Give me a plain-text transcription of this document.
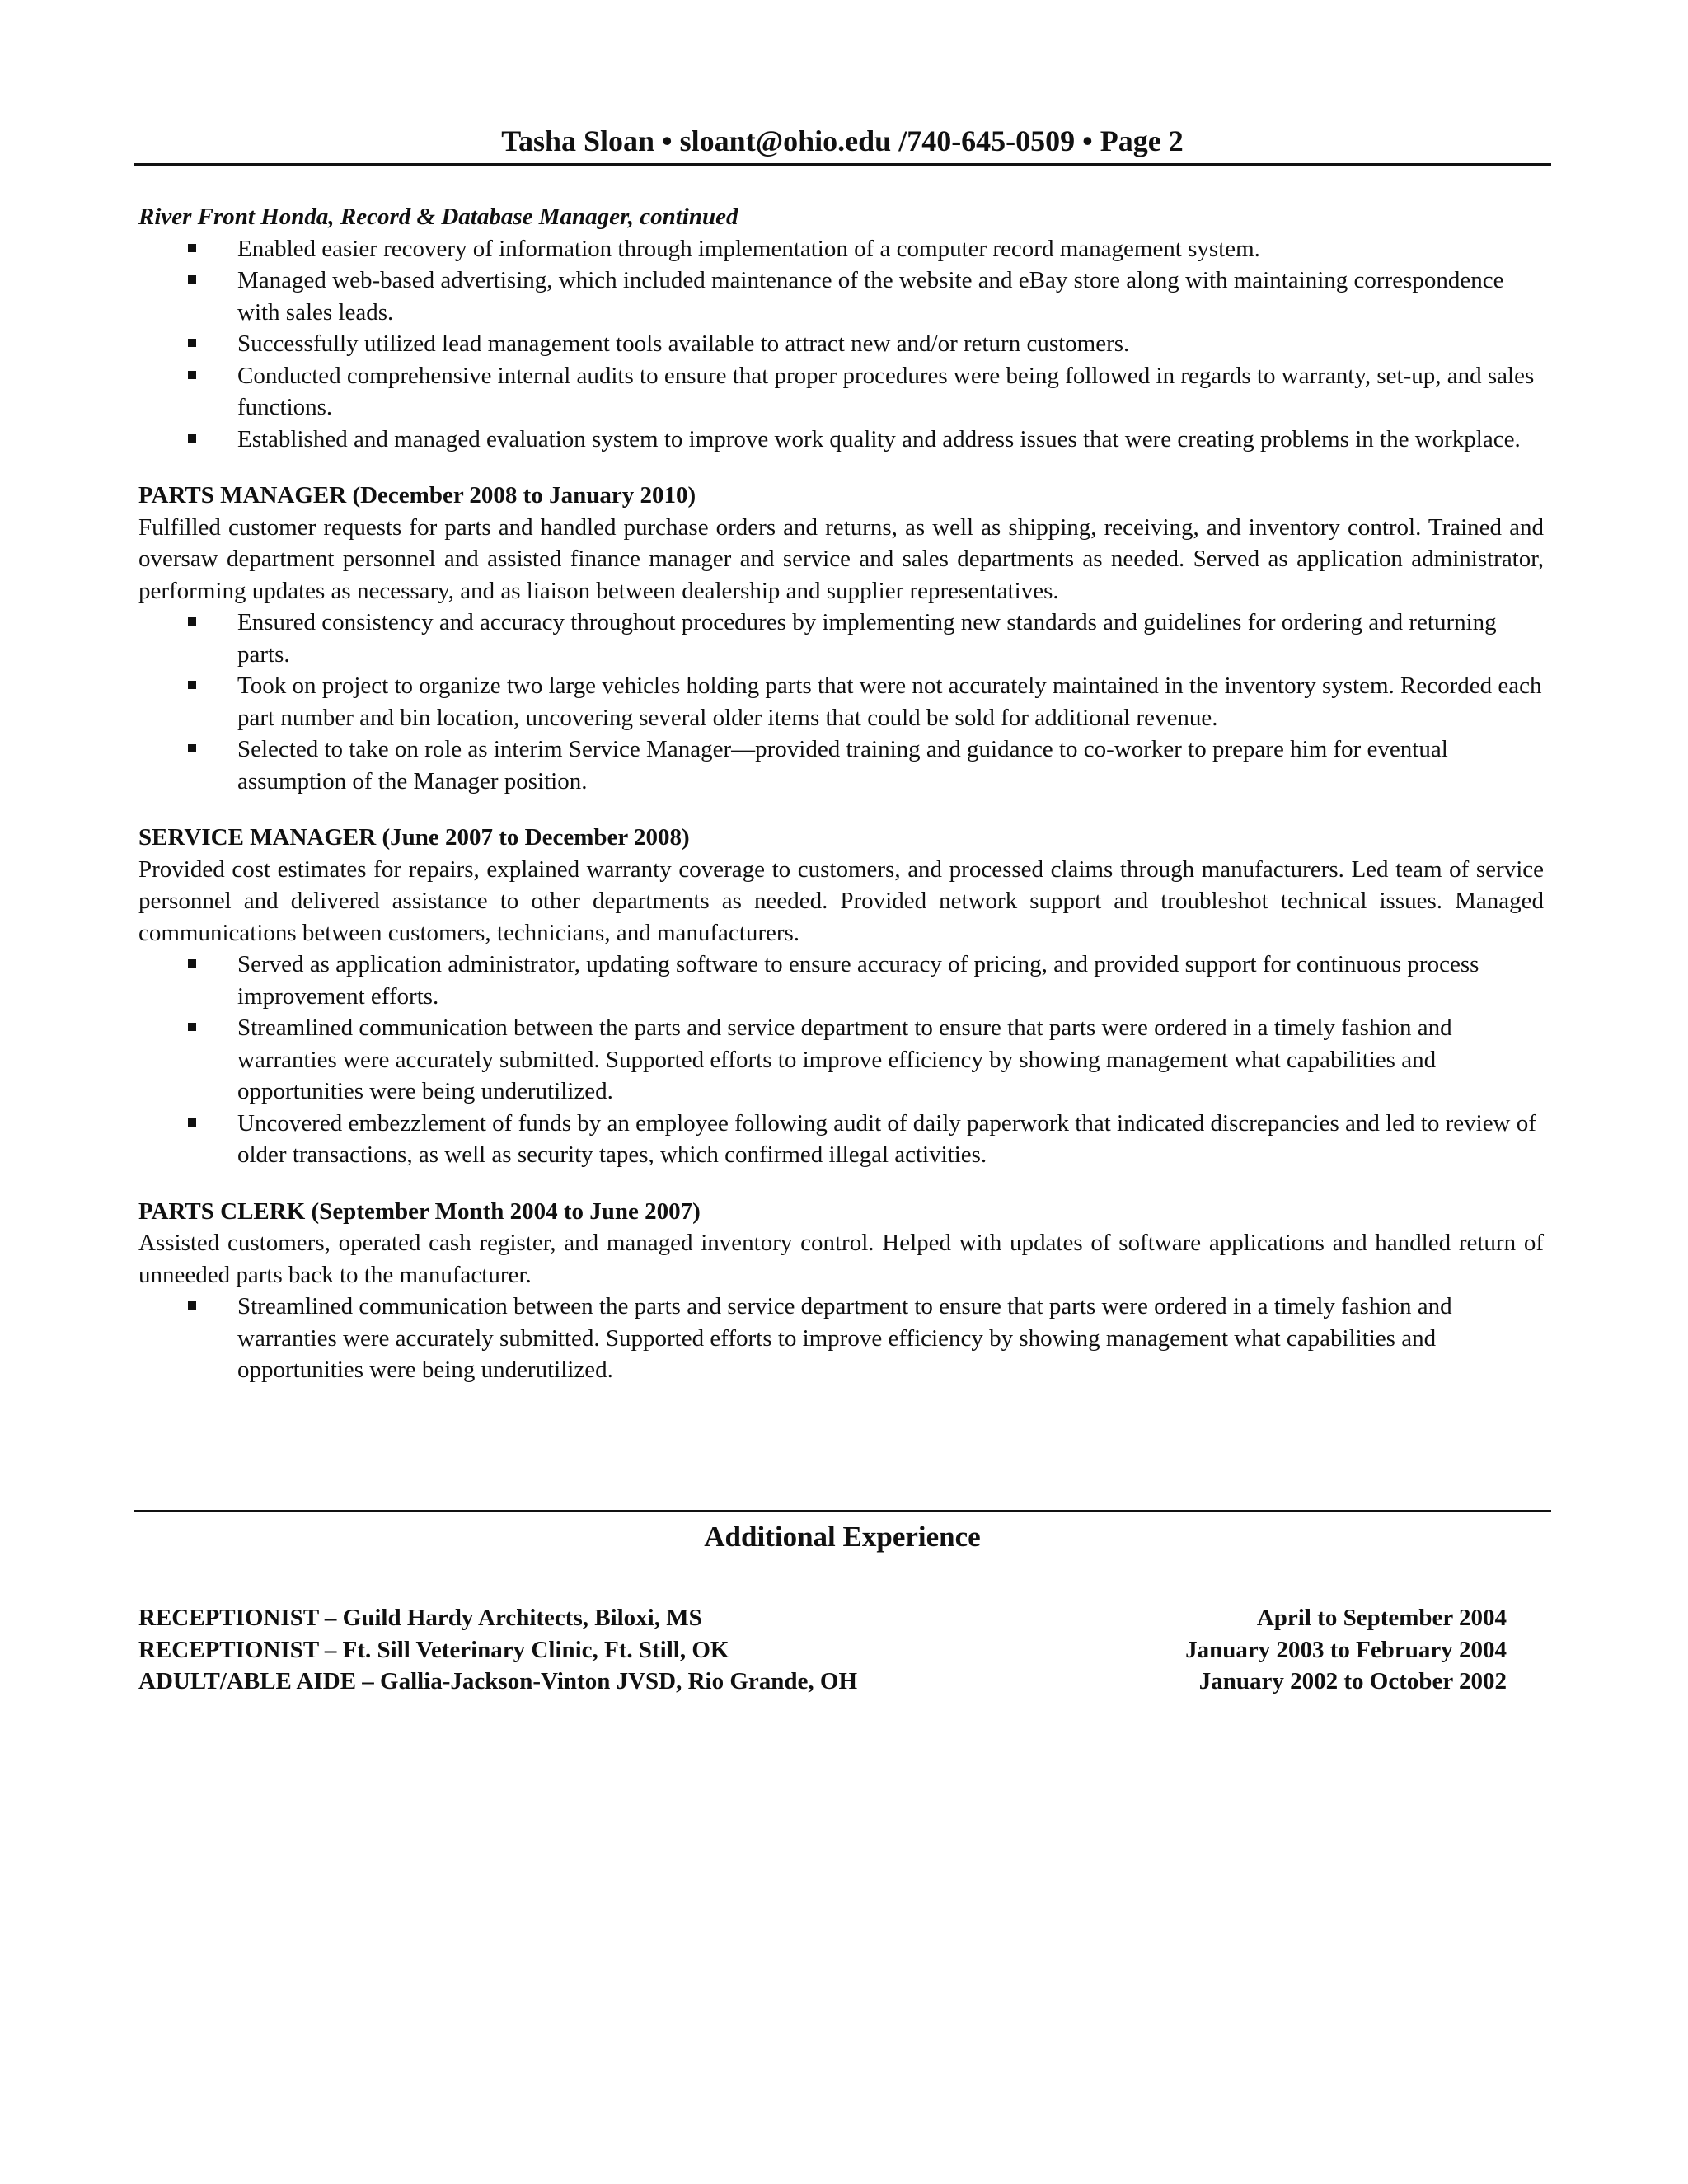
Tasha Sloan • sloant@ohio.edu /740-645-0509 • Page 2

River Front Honda, Record & Database Manager, continued

Enabled easier recovery of information through implementation of a computer record management system.
Managed web-based advertising, which included maintenance of the website and eBay store along with maintaining correspondence with sales leads.
Successfully utilized lead management tools available to attract new and/or return customers.
Conducted comprehensive internal audits to ensure that proper procedures were being followed in regards to warranty, set-up, and sales functions.
Established and managed evaluation system to improve work quality and address issues that were creating problems in the workplace.

PARTS MANAGER (December 2008 to January 2010)

Fulfilled customer requests for parts and handled purchase orders and returns, as well as shipping, receiving, and inventory control. Trained and oversaw department personnel and assisted finance manager and service and sales departments as needed. Served as application administrator, performing updates as necessary, and as liaison between dealership and supplier representatives.

Ensured consistency and accuracy throughout procedures by implementing new standards and guidelines for ordering and returning parts.
Took on project to organize two large vehicles holding parts that were not accurately maintained in the inventory system. Recorded each part number and bin location, uncovering several older items that could be sold for additional revenue.
Selected to take on role as interim Service Manager—provided training and guidance to co-worker to prepare him for eventual assumption of the Manager position.

SERVICE MANAGER (June 2007 to December 2008)

Provided cost estimates for repairs, explained warranty coverage to customers, and processed claims through manufacturers. Led team of service personnel and delivered assistance to other departments as needed. Provided network support and troubleshot technical issues. Managed communications between customers, technicians, and manufacturers.

Served as application administrator, updating software to ensure accuracy of pricing, and provided support for continuous process improvement efforts.
Streamlined communication between the parts and service department to ensure that parts were ordered in a timely fashion and warranties were accurately submitted. Supported efforts to improve efficiency by showing management what capabilities and opportunities were being underutilized.
Uncovered embezzlement of funds by an employee following audit of daily paperwork that indicated discrepancies and led to review of older transactions, as well as security tapes, which confirmed illegal activities.

PARTS CLERK (September Month 2004 to June 2007)

Assisted customers, operated cash register, and managed inventory control. Helped with updates of software applications and handled return of unneeded parts back to the manufacturer.

Streamlined communication between the parts and service department to ensure that parts were ordered in a timely fashion and warranties were accurately submitted. Supported efforts to improve efficiency by showing management what capabilities and opportunities were being underutilized.
Additional Experience
RECEPTIONIST – Guild Hardy Architects, Biloxi, MS	April to September 2004
RECEPTIONIST – Ft. Sill Veterinary Clinic, Ft. Still, OK	January 2003 to February 2004
ADULT/ABLE AIDE – Gallia-Jackson-Vinton JVSD, Rio Grande, OH	January 2002 to October 2002
